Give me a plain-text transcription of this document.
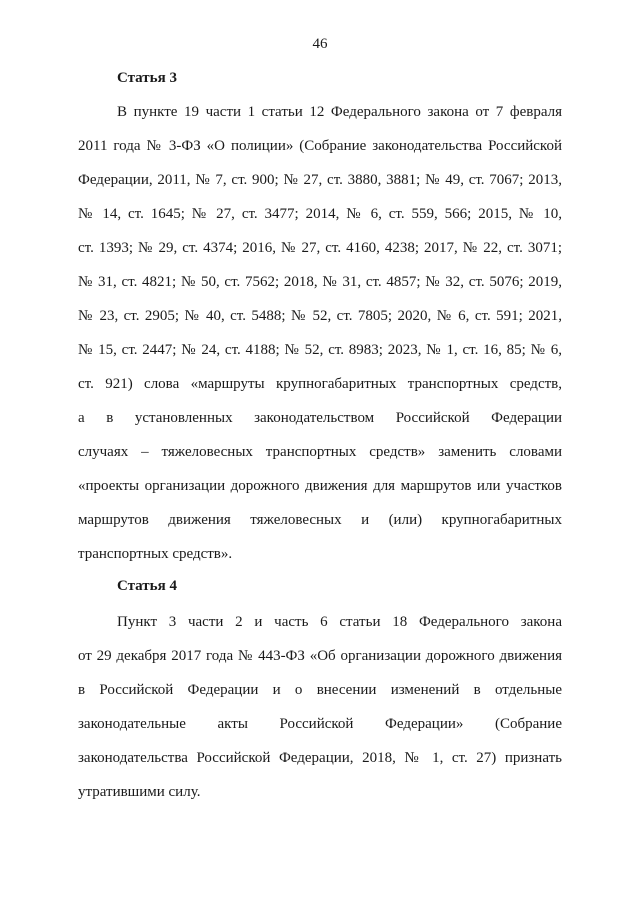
46
Статья 3
В пункте 19 части 1 статьи 12 Федерального закона от 7 февраля
2011 года № 3-ФЗ «О полиции» (Собрание законодательства Российской
Федерации, 2011, № 7, ст. 900; № 27, ст. 3880, 3881; № 49, ст. 7067; 2013,
№ 14, ст. 1645; № 27, ст. 3477; 2014, № 6, ст. 559, 566; 2015, № 10,
ст. 1393; № 29, ст. 4374; 2016, № 27, ст. 4160, 4238; 2017, № 22, ст. 3071;
№ 31, ст. 4821; № 50, ст. 7562; 2018, № 31, ст. 4857; № 32, ст. 5076; 2019,
№ 23, ст. 2905; № 40, ст. 5488; № 52, ст. 7805; 2020, № 6, ст. 591; 2021,
№ 15, ст. 2447; № 24, ст. 4188; № 52, ст. 8983; 2023, № 1, ст. 16, 85; № 6,
ст. 921) слова «маршруты крупногабаритных транспортных средств,
а в установленных законодательством Российской Федерации
случаях – тяжеловесных транспортных средств» заменить словами
«проекты организации дорожного движения для маршрутов или участков
маршрутов движения тяжеловесных и (или) крупногабаритных
транспортных средств».
Статья 4
Пункт 3 части 2 и часть 6 статьи 18 Федерального закона
от 29 декабря 2017 года № 443-ФЗ «Об организации дорожного движения
в Российской Федерации и о внесении изменений в отдельные
законодательные акты Российской Федерации» (Собрание
законодательства Российской Федерации, 2018, № 1, ст. 27) признать
утратившими силу.
